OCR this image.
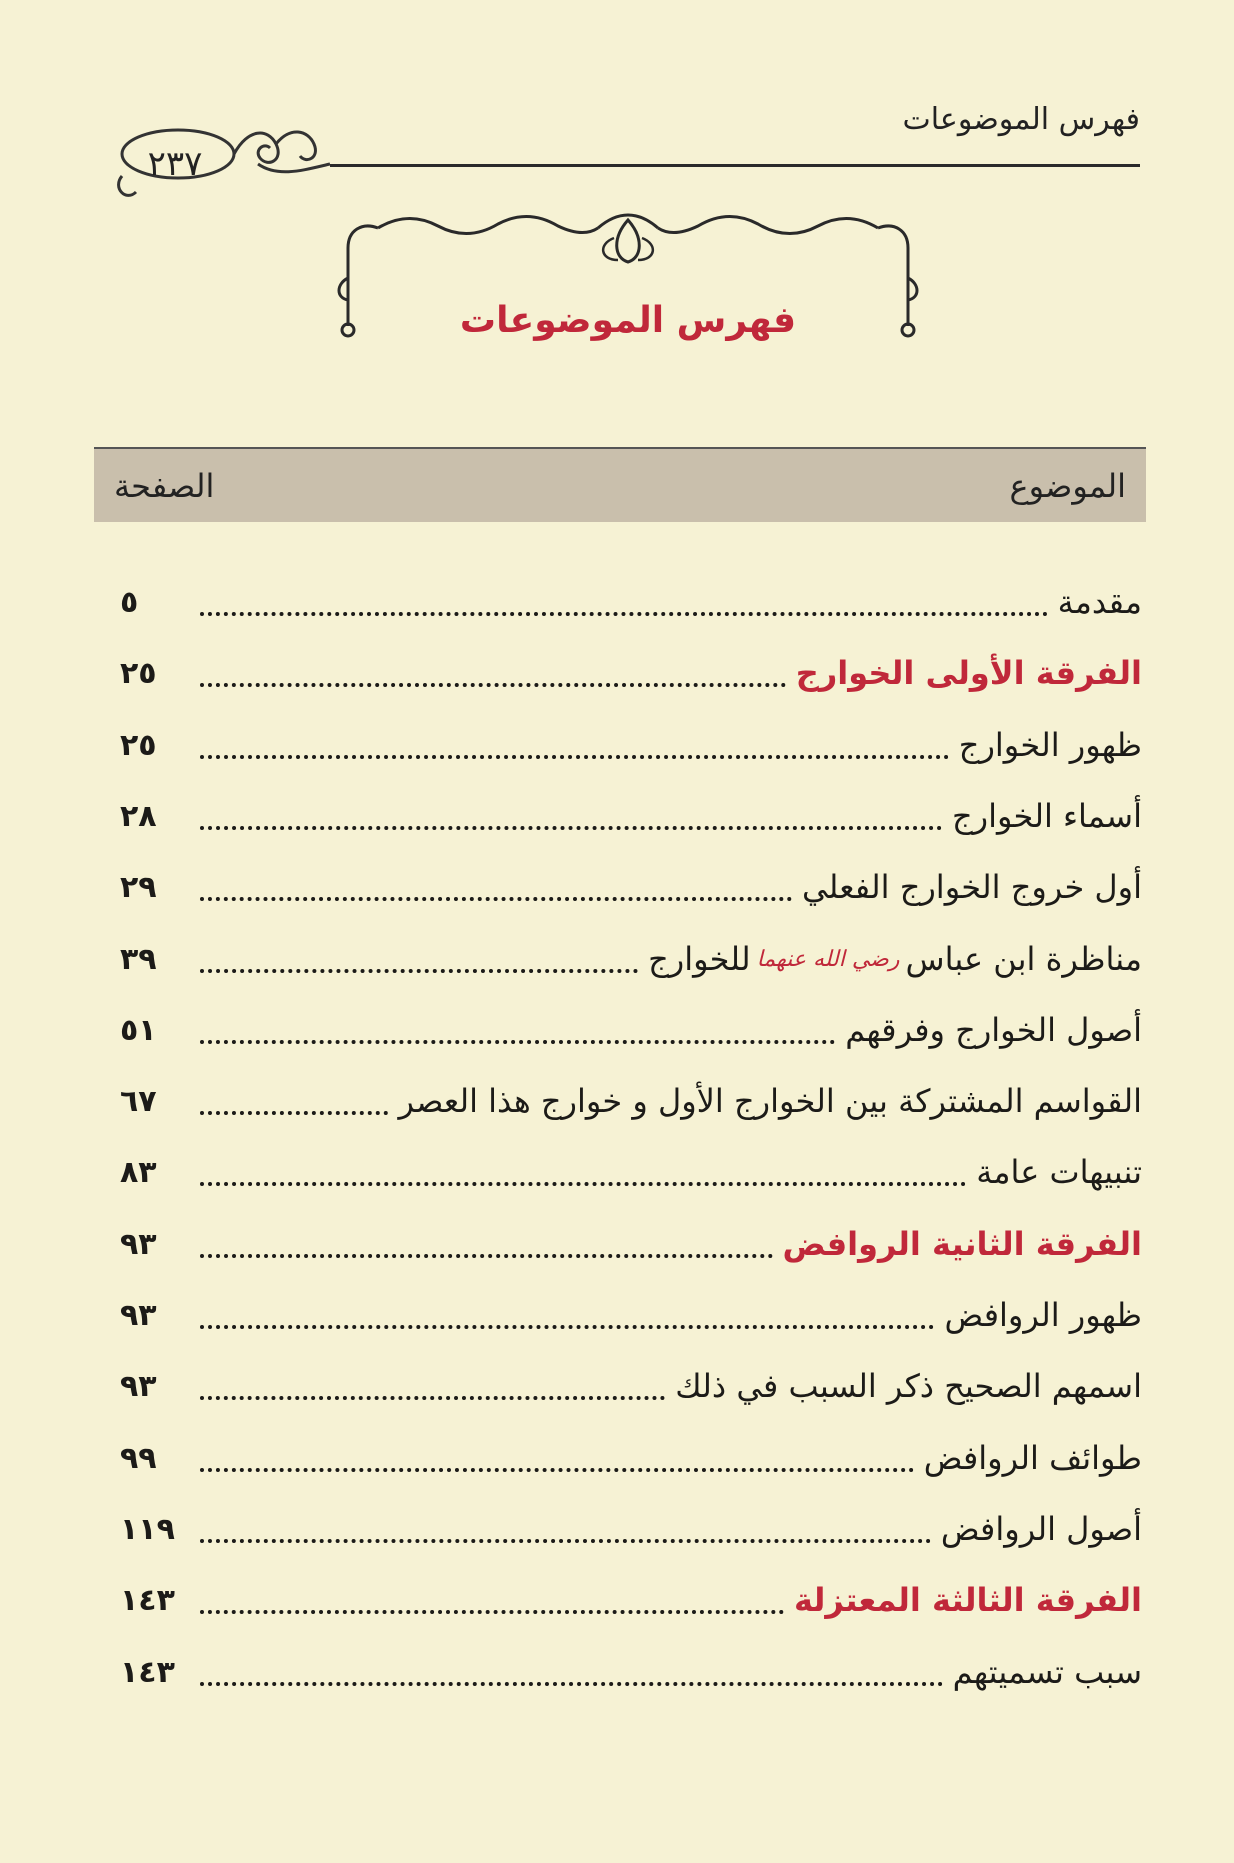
فهرس الموضوعات
٢٣٧
فهرس الموضوعات
الموضوع
الصفحة
مقدمة
٥
الفرقة الأولى الخوارج
٢٥
ظهور الخوارج
٢٥
أسماء الخوارج
٢٨
أول خروج الخوارج الفعلي
٢٩
مناظرة ابن عباس
رضي الله عنهما
للخوارج
٣٩
أصول الخوارج وفرقهم
٥١
القواسم المشتركة بين الخوارج الأول و خوارج هذا العصر
٦٧
تنبيهات عامة
٨٣
الفرقة الثانية الروافض
٩٣
ظهور الروافض
٩٣
اسمهم الصحيح ذكر السبب في ذلك
٩٣
طوائف الروافض
٩٩
أصول الروافض
١١٩
الفرقة الثالثة المعتزلة
١٤٣
سبب تسميتهم
١٤٣
